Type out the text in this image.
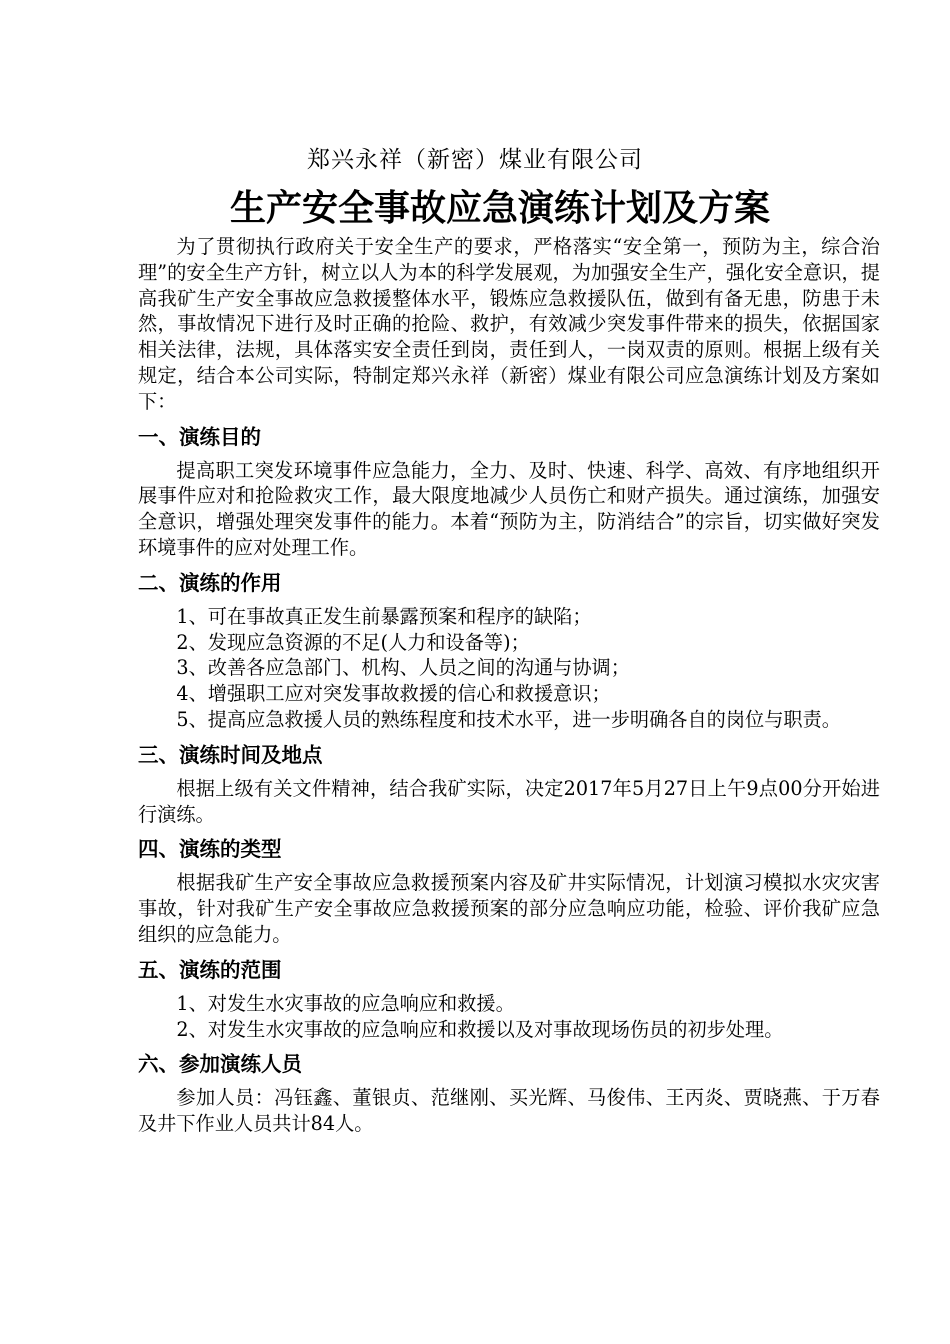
郑兴永祥（新密）煤业有限公司
生产安全事故应急演练计划及方案

为了贯彻执行政府关于安全生产的要求，严格落实“安全第一，预防为主，综合治理”的安全生产方针，树立以人为本的科学发展观，为加强安全生产，强化安全意识，提高我矿生产安全事故应急救援整体水平，锻炼应急救援队伍，做到有备无患，防患于未然，事故情况下进行及时正确的抢险、救护，有效减少突发事件带来的损失，依据国家相关法律，法规，具体落实安全责任到岗，责任到人，一岗双责的原则。根据上级有关规定，结合本公司实际，特制定郑兴永祥（新密）煤业有限公司应急演练计划及方案如下：

一、演练目的

提高职工突发环境事件应急能力，全力、及时、快速、科学、高效、有序地组织开展事件应对和抢险救灾工作，最大限度地减少人员伤亡和财产损失。通过演练，加强安全意识，增强处理突发事件的能力。本着“预防为主，防消结合”的宗旨，切实做好突发环境事件的应对处理工作。

二、演练的作用

1、可在事故真正发生前暴露预案和程序的缺陷；

2、发现应急资源的不足(人力和设备等)；

3、改善各应急部门、机构、人员之间的沟通与协调；

4、增强职工应对突发事故救援的信心和救援意识；

5、提高应急救援人员的熟练程度和技术水平，进一步明确各自的岗位与职责。

三、演练时间及地点

根据上级有关文件精神，结合我矿实际，决定2017年5月27日上午9点00分开始进行演练。

四、演练的类型

根据我矿生产安全事故应急救援预案内容及矿井实际情况，计划演习模拟水灾灾害事故，针对我矿生产安全事故应急救援预案的部分应急响应功能，检验、评价我矿应急组织的应急能力。

五、演练的范围

1、对发生水灾事故的应急响应和救援。

2、对发生水灾事故的应急响应和救援以及对事故现场伤员的初步处理。

六、参加演练人员

参加人员：冯钰鑫、董银贞、范继刚、买光辉、马俊伟、王丙炎、贾晓燕、于万春及井下作业人员共计84人。
